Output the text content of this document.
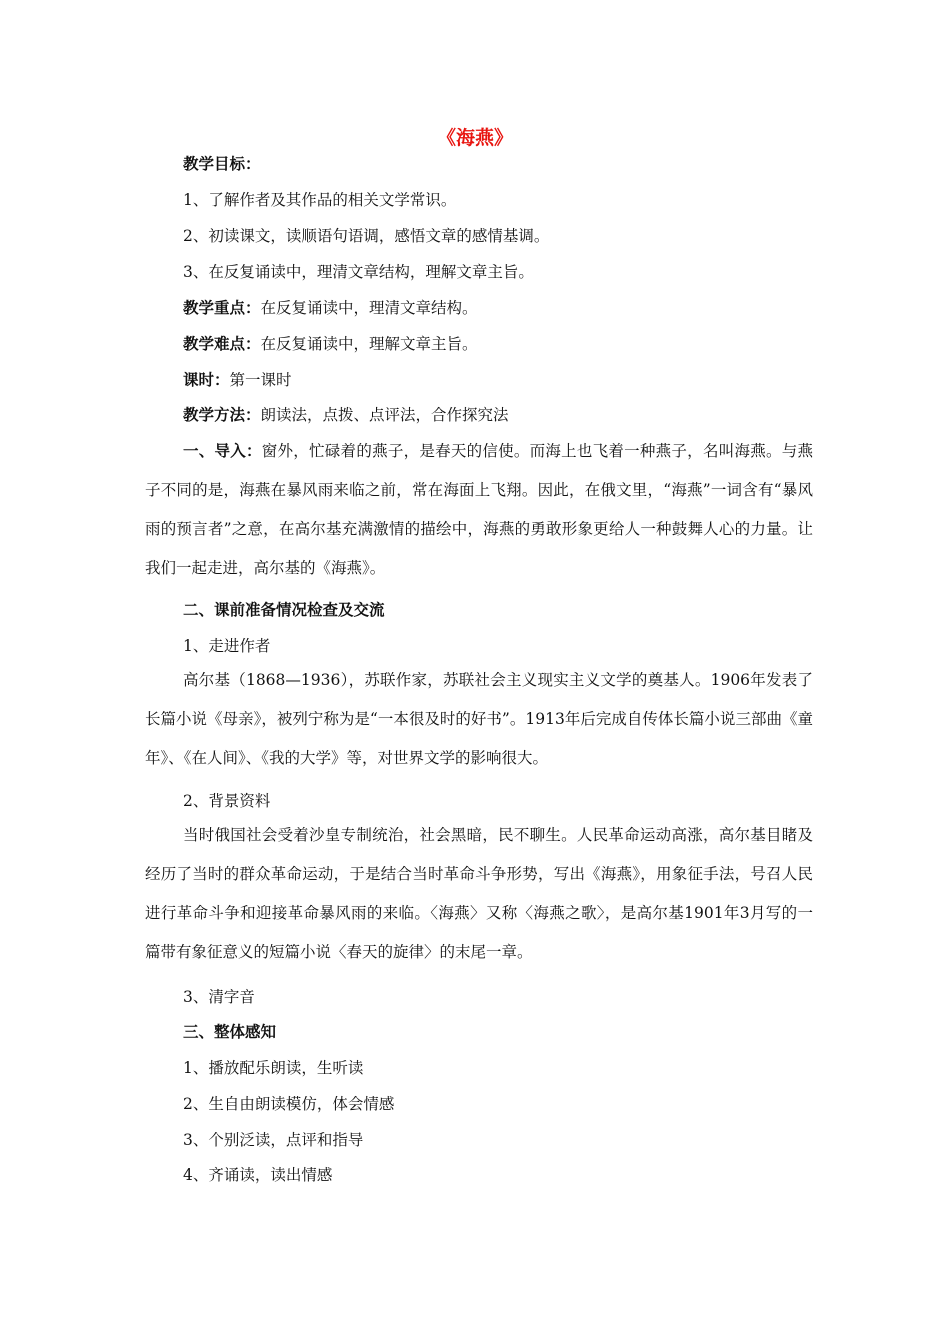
《海燕》
教学目标：
1、了解作者及其作品的相关文学常识。
2、初读课文，读顺语句语调，感悟文章的感情基调。
3、在反复诵读中，理清文章结构，理解文章主旨。
教学重点：在反复诵读中，理清文章结构。
教学难点：在反复诵读中，理解文章主旨。
课时：第一课时
教学方法：朗读法，点拨、点评法，合作探究法
一、导入：窗外，忙碌着的燕子，是春天的信使。而海上也飞着一种燕子，名叫海燕。与燕子不同的是，海燕在暴风雨来临之前，常在海面上飞翔。因此，在俄文里，“海燕”一词含有“暴风雨的预言者”之意，在高尔基充满激情的描绘中，海燕的勇敢形象更给人一种鼓舞人心的力量。让我们一起走进，高尔基的《海燕》。
二、课前准备情况检查及交流
1、走进作者
高尔基（1868—1936），苏联作家，苏联社会主义现实主义文学的奠基人。1906年发表了长篇小说《母亲》，被列宁称为是“一本很及时的好书”。1913年后完成自传体长篇小说三部曲《童年》、《在人间》、《我的大学》等，对世界文学的影响很大。
2、背景资料
当时俄国社会受着沙皇专制统治，社会黑暗，民不聊生。人民革命运动高涨，高尔基目睹及经历了当时的群众革命运动，于是结合当时革命斗争形势，写出《海燕》，用象征手法，号召人民进行革命斗争和迎接革命暴风雨的来临。〈海燕〉又称〈海燕之歌〉，是高尔基1901年3月写的一篇带有象征意义的短篇小说〈春天的旋律〉的末尾一章。
3、清字音
三、整体感知
1、播放配乐朗读，生听读
2、生自由朗读模仿，体会情感
3、个别泛读，点评和指导
4、齐诵读，读出情感
